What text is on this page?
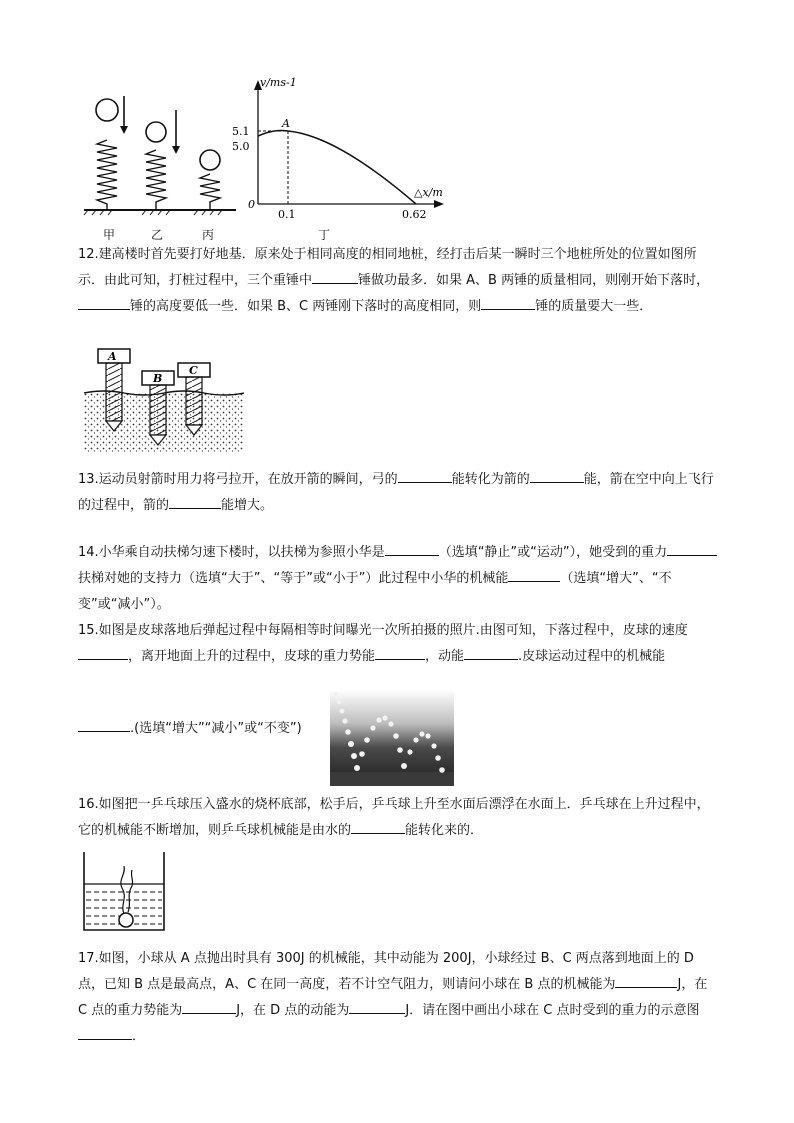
甲	乙	丙	丁
v/ms-1
A
5.1
5.0
0
0.1	0.62
△x/m
12.建高楼时首先要打好地基．原来处于相同高度的相同地桩，经打击后某一瞬时三个地桩所处的位置如图所示．由此可知，打桩过程中，三个重锤中	锤做功最多．如果 A、B 两锤的质量相同，则刚开始下落时，锤的高度要低一些．如果 B、C 两锤刚下落时的高度相同，则	锤的质量要大一些．
A
B
C
13.运动员射箭时用力将弓拉开，在放开箭的瞬间，弓的	能转化为箭的	能，箭在空中向上飞行的过程中，箭的	能增大。
14.小华乘自动扶梯匀速下楼时，以扶梯为参照小华是	（选填“静止”或“运动”），她受到的重力扶梯对她的支持力（选填“大于”、“等于”或“小于”）此过程中小华的机械能	（选填“增大”、“不变”或“减小”）。
15.如图是皮球落地后弹起过程中每隔相等时间曝光一次所拍摄的照片.由图可知，下落过程中，皮球的速度，离开地面上升的过程中，皮球的重力势能	，动能	.皮球运动过程中的机械能
.(选填“增大”“减小”或“不变”)
16.如图把一乒乓球压入盛水的烧杯底部，松手后，乒乓球上升至水面后漂浮在水面上．乒乓球在上升过程中，它的机械能不断增加，则乒乓球机械能是由水的	能转化来的．
17.如图，小球从 A 点抛出时具有 300J 的机械能，其中动能为 200J，小球经过 B、C 两点落到地面上的 D 点，已知 B 点是最高点，A、C 在同一高度，若不计空气阻力，则请问小球在 B 点的机械能为	J，在 C 点的重力势能为	J，在 D 点的动能为	J．请在图中画出小球在 C 点时受到的重力的示意图．
